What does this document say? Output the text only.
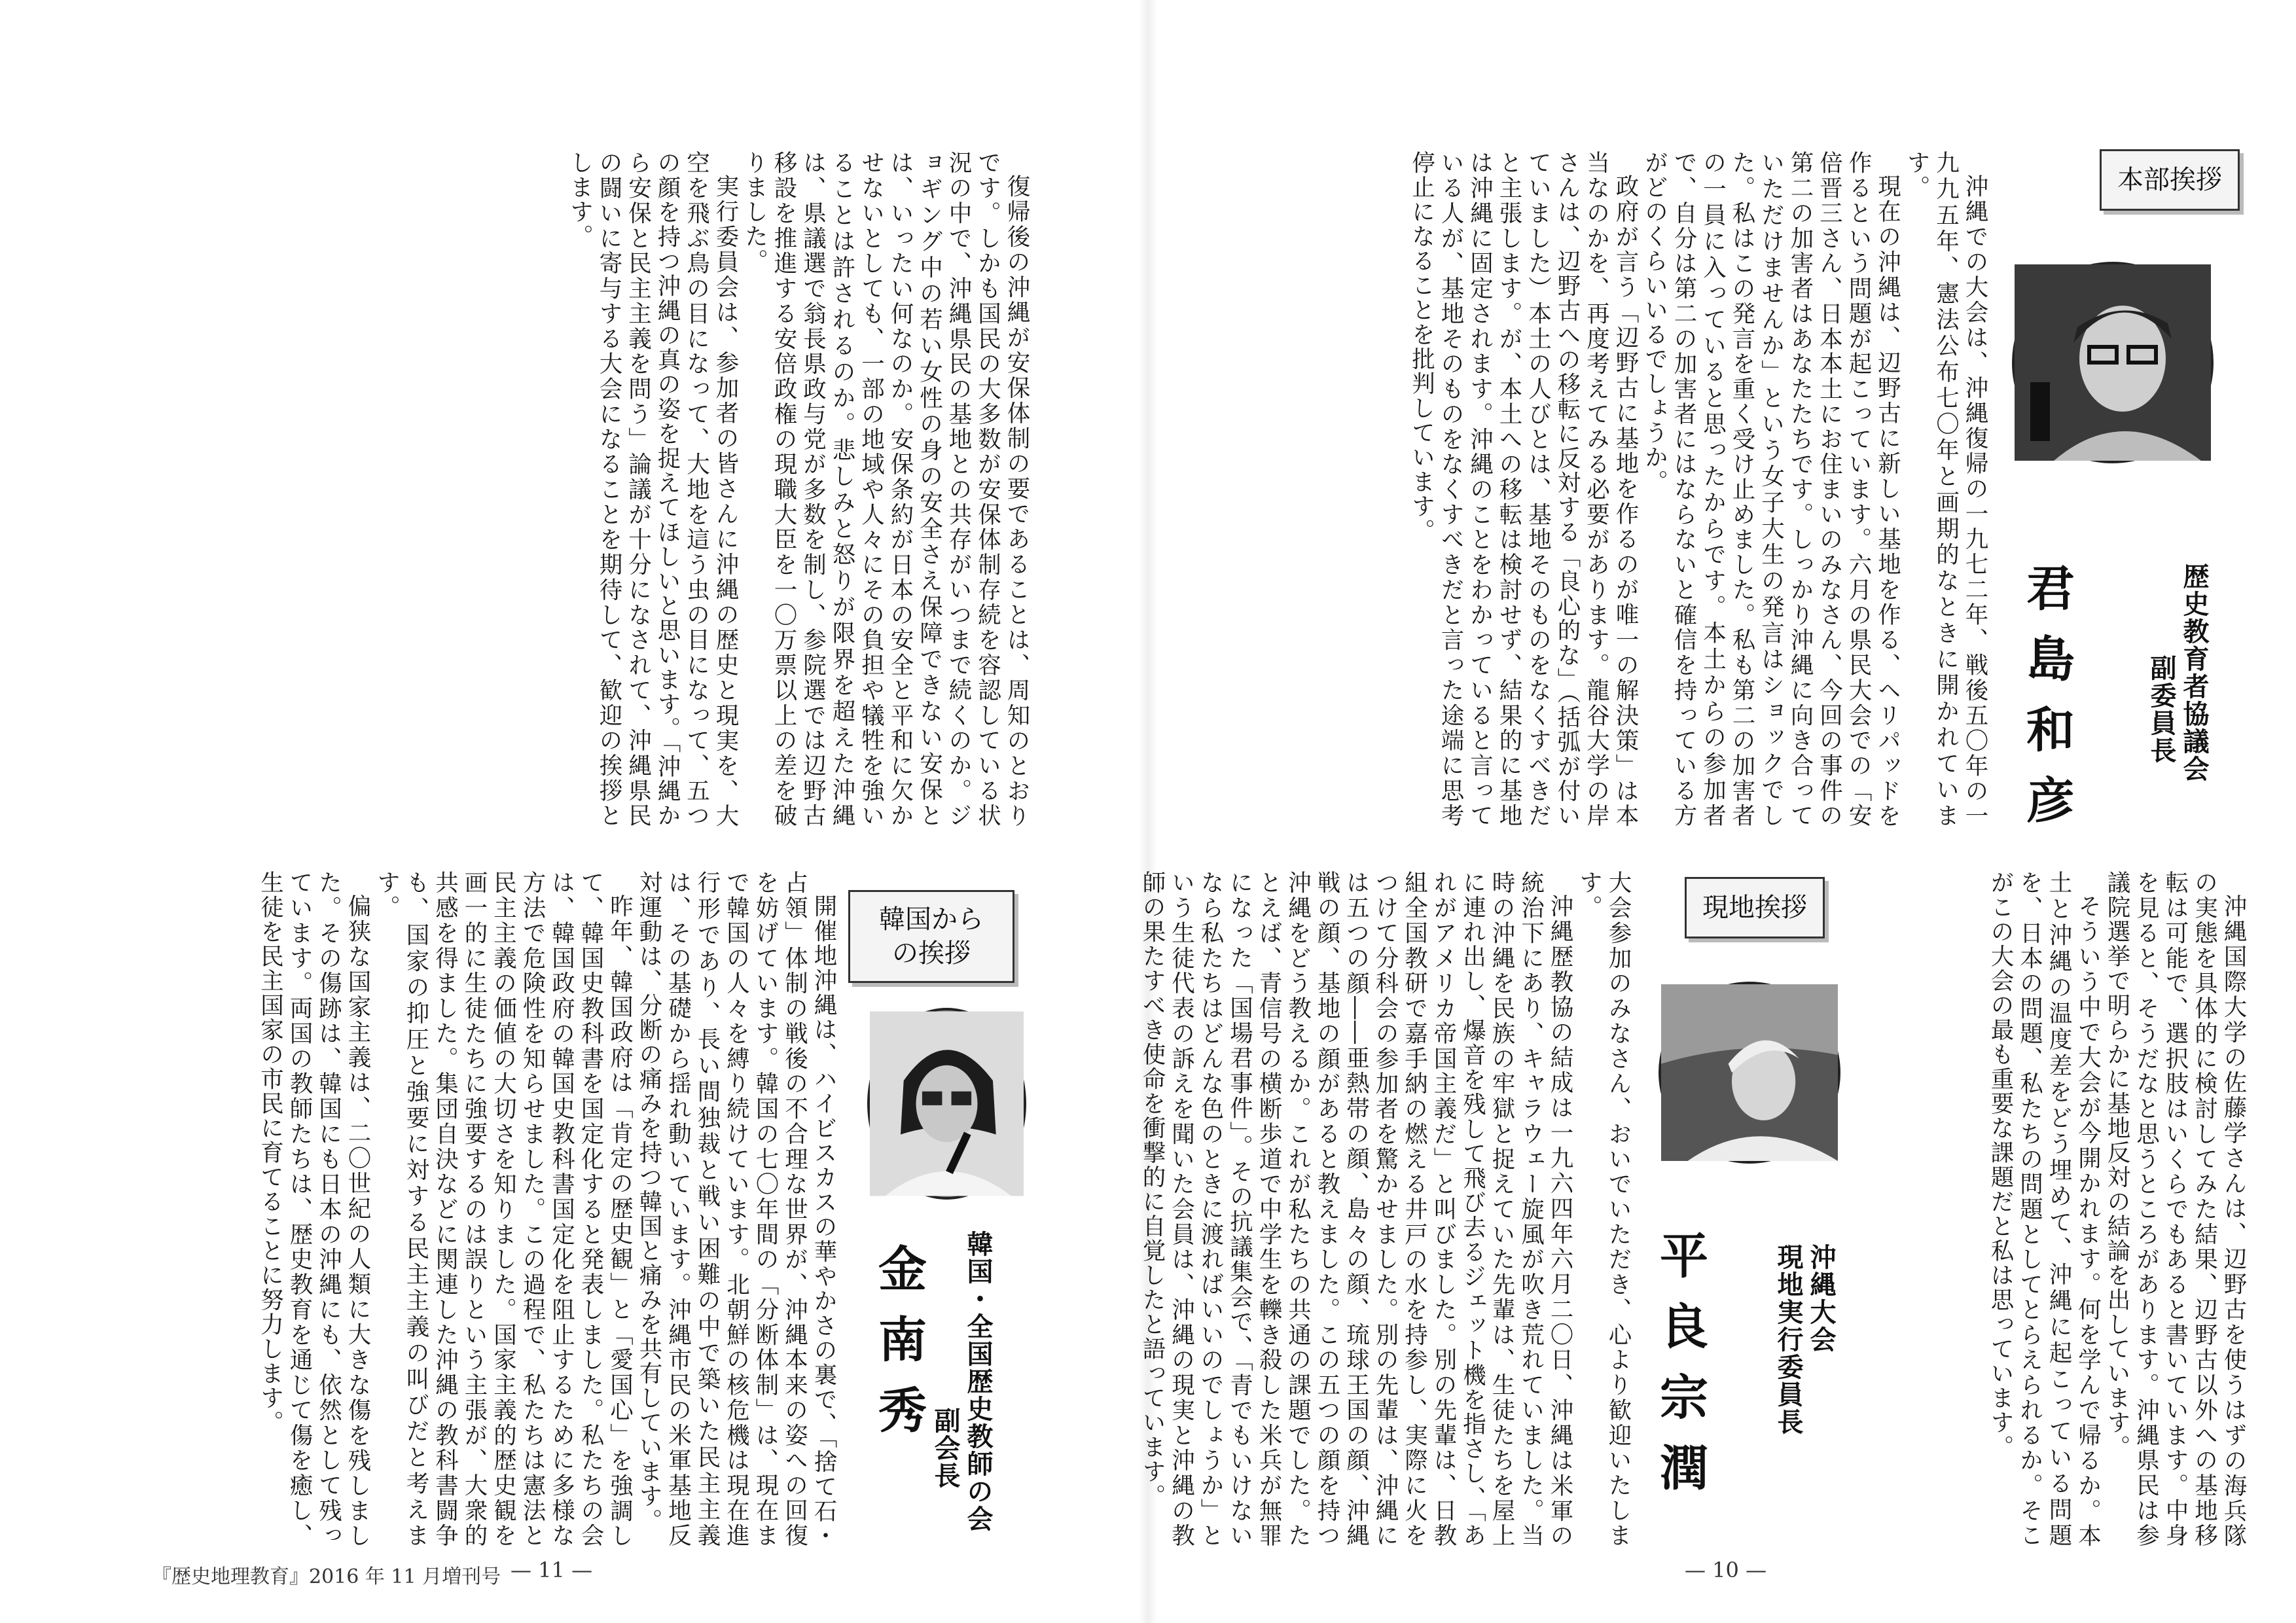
本部挨拶
歴史教育者協議会
副委員長
君島和彦

沖縄での大会は、沖縄復帰の一九七二年、戦後五〇年の一九九五年、憲法公布七〇年と画期的なときに開かれています。

現在の沖縄は、辺野古に新しい基地を作る、ヘリパッドを作るという問題が起こっています。六月の県民大会での「安倍晋三さん、日本本土にお住まいのみなさん、今回の事件の第二の加害者はあなたたちです。しっかり沖縄に向き合っていただけませんか」という女子大生の発言はショックでした。私はこの発言を重く受け止めました。私も第二の加害者の一員に入っていると思ったからです。本土からの参加者で、自分は第二の加害者にはならないと確信を持っている方がどのくらいいるでしょうか。

政府が言う「辺野古に基地を作るのが唯一の解決策」は本当なのかを、再度考えてみる必要があります。龍谷大学の岸さんは、辺野古への移転に反対する「良心的な」（括弧が付いていました）本土の人びとは、基地そのものをなくすべきだと主張します。が、本土への移転は検討せず、結果的に基地は沖縄に固定されます。沖縄のことをわかっていると言っている人が、基地そのものをなくすべきだと言った途端に思考停止になることを批判しています。

沖縄国際大学の佐藤学さんは、辺野古を使うはずの海兵隊の実態を具体的に検討してみた結果、辺野古以外への基地移転は可能で、選択肢はいくらでもあると書いています。中身を見ると、そうだなと思うところがあります。沖縄県民は参議院選挙で明らかに基地反対の結論を出しています。

そういう中で大会が今開かれます。何を学んで帰るか。本土と沖縄の温度差をどう埋めて、沖縄に起こっている問題を、日本の問題、私たちの問題としてとらえられるか。そこがこの大会の最も重要な課題だと私は思っています。

現地挨拶
沖縄大会
現地実行委員長
平良宗潤

大会参加のみなさん、おいでいただき、心より歓迎いたします。

沖縄歴教協の結成は一九六四年六月二〇日、沖縄は米軍の統治下にあり、キャラウェー旋風が吹き荒れていました。当時の沖縄を民族の牢獄と捉えていた先輩は、生徒たちを屋上に連れ出し、爆音を残して飛び去るジェット機を指さし、「あれがアメリカ帝国主義だ」と叫びました。別の先輩は、日教組全国教研で嘉手納の燃える井戸の水を持参し、実際に火をつけて分科会の参加者を驚かせました。別の先輩は、沖縄には五つの顔――亜熱帯の顔、島々の顔、琉球王国の顔、沖縄戦の顔、基地の顔があると教えました。この五つの顔を持つ沖縄をどう教えるか。これが私たちの共通の課題でした。たとえば、青信号の横断歩道で中学生を轢き殺した米兵が無罪になった「国場君事件」。その抗議集会で、「青でもいけないなら私たちはどんな色のときに渡ればいいのでしょうか」という生徒代表の訴えを聞いた会員は、沖縄の現実と沖縄の教師の果たすべき使命を衝撃的に自覚したと語っています。

— 10 —

復帰後の沖縄が安保体制の要であることは、周知のとおりです。しかも国民の大多数が安保体制存続を容認している状況の中で、沖縄県民の基地との共存がいつまで続くのか。ジョギング中の若い女性の身の安全さえ保障できない安保とは、いったい何なのか。安保条約が日本の安全と平和に欠かせないとしても、一部の地域や人々にその負担や犠牲を強いることは許されるのか。悲しみと怒りが限界を超えた沖縄は、県議選で翁長県政与党が多数を制し、参院選では辺野古移設を推進する安倍政権の現職大臣を一〇万票以上の差を破りました。

実行委員会は、参加者の皆さんに沖縄の歴史と現実を、大空を飛ぶ鳥の目になって、大地を這う虫の目になって、五つの顔を持つ沖縄の真の姿を捉えてほしいと思います。「沖縄から安保と民主主義を問う」論議が十分になされて、沖縄県民の闘いに寄与する大会になることを期待して、歓迎の挨拶とします。

韓国からの挨拶
韓国・全国歴史教師の会
副会長
金南秀

開催地沖縄は、ハイビスカスの華やかさの裏で、「捨て石・占領」体制の戦後の不合理な世界が、沖縄本来の姿への回復を妨げています。韓国の七〇年間の「分断体制」は、現在まで韓国の人々を縛り続けています。北朝鮮の核危機は現在進行形であり、長い間独裁と戦い困難の中で築いた民主主義は、その基礎から揺れ動いています。沖縄市民の米軍基地反対運動は、分断の痛みを持つ韓国と痛みを共有しています。

昨年、韓国政府は「肯定の歴史観」と「愛国心」を強調して、韓国史教科書を国定化すると発表しました。私たちの会は、韓国政府の韓国史教科書国定化を阻止するために多様な方法で危険性を知らせました。この過程で、私たちは憲法と民主主義の価値の大切さを知りました。国家主義的歴史観を画一的に生徒たちに強要するのは誤りという主張が、大衆的共感を得ました。集団自決などに関連した沖縄の教科書闘争も、国家の抑圧と強要に対する民主主義の叫びだと考えます。

偏狭な国家主義は、二〇世紀の人類に大きな傷を残しました。その傷跡は、韓国にも日本の沖縄にも、依然として残っています。両国の教師たちは、歴史教育を通じて傷を癒し、生徒を民主国家の市民に育てることに努力します。

『歴史地理教育』2016 年 11 月増刊号 — 11 —
